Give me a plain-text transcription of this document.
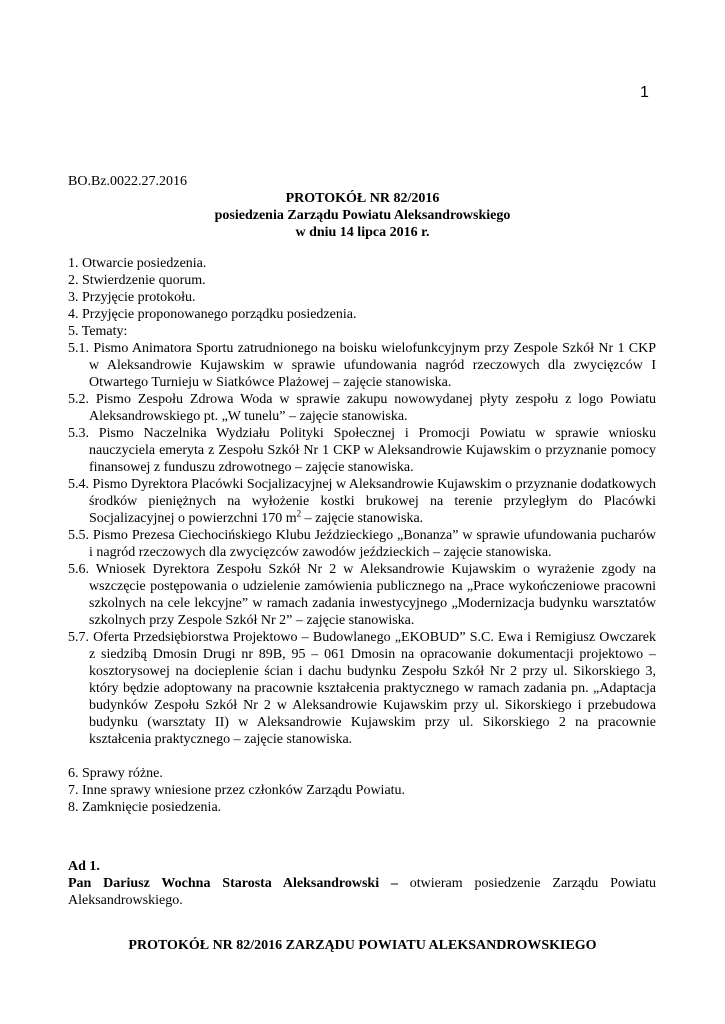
1
BO.Bz.0022.27.2016
PROTOKÓŁ NR 82/2016
posiedzenia Zarządu Powiatu Aleksandrowskiego
w dniu 14 lipca 2016 r.

1. Otwarcie posiedzenia.

2. Stwierdzenie quorum.

3. Przyjęcie protokołu.

4. Przyjęcie proponowanego porządku posiedzenia.

5. Tematy:

5.1. Pismo Animatora Sportu zatrudnionego na boisku wielofunkcyjnym przy Zespole Szkół Nr 1 CKP w Aleksandrowie Kujawskim w sprawie ufundowania nagród rzeczowych dla zwycięzców I Otwartego Turnieju w Siatkówce Plażowej – zajęcie stanowiska.

5.2. Pismo Zespołu Zdrowa Woda w sprawie zakupu nowowydanej płyty zespołu z logo Powiatu Aleksandrowskiego pt. „W tunelu” – zajęcie stanowiska.

5.3. Pismo Naczelnika Wydziału Polityki Społecznej i Promocji Powiatu w sprawie wniosku nauczyciela emeryta z Zespołu Szkół Nr 1 CKP w Aleksandrowie Kujawskim o przyznanie pomocy finansowej z funduszu zdrowotnego – zajęcie stanowiska.

5.4. Pismo Dyrektora Placówki Socjalizacyjnej w Aleksandrowie Kujawskim o przyznanie dodatkowych środków pieniężnych na wyłożenie kostki brukowej na terenie przyległym do Placówki Socjalizacyjnej o powierzchni 170 $m^2$ – zajęcie stanowiska.

5.5. Pismo Prezesa Ciechocińskiego Klubu Jeździeckiego „Bonanza” w sprawie ufundowania pucharów i nagród rzeczowych dla zwycięzców zawodów jeździeckich – zajęcie stanowiska.

5.6. Wniosek Dyrektora Zespołu Szkół Nr 2 w Aleksandrowie Kujawskim o wyrażenie zgody na wszczęcie postępowania o udzielenie zamówienia publicznego na „Prace wykończeniowe pracowni szkolnych na cele lekcyjne” w ramach zadania inwestycyjnego „Modernizacja budynku warsztatów szkolnych przy Zespole Szkół Nr 2” – zajęcie stanowiska.

5.7. Oferta Przedsiębiorstwa Projektowo – Budowlanego „EKOBUD” S.C. Ewa i Remigiusz Owczarek z siedzibą Dmosin Drugi nr 89B, 95 – 061 Dmosin na opracowanie dokumentacji projektowo – kosztorysowej na docieplenie ścian i dachu budynku Zespołu Szkół Nr 2 przy ul. Sikorskiego 3, który będzie adoptowany na pracownie kształcenia praktycznego w ramach zadania pn. „Adaptacja budynków Zespołu Szkół Nr 2 w Aleksandrowie Kujawskim przy ul. Sikorskiego i przebudowa budynku (warsztaty II) w Aleksandrowie Kujawskim przy ul. Sikorskiego 2 na pracownie kształcenia praktycznego – zajęcie stanowiska.

6. Sprawy różne.

7. Inne sprawy wniesione przez członków Zarządu Powiatu.

8. Zamknięcie posiedzenia.

Ad 1.
Pan Dariusz Wochna Starosta Aleksandrowski – otwieram posiedzenie Zarządu Powiatu Aleksandrowskiego.
PROTOKÓŁ NR 82/2016 ZARZĄDU POWIATU ALEKSANDROWSKIEGO
